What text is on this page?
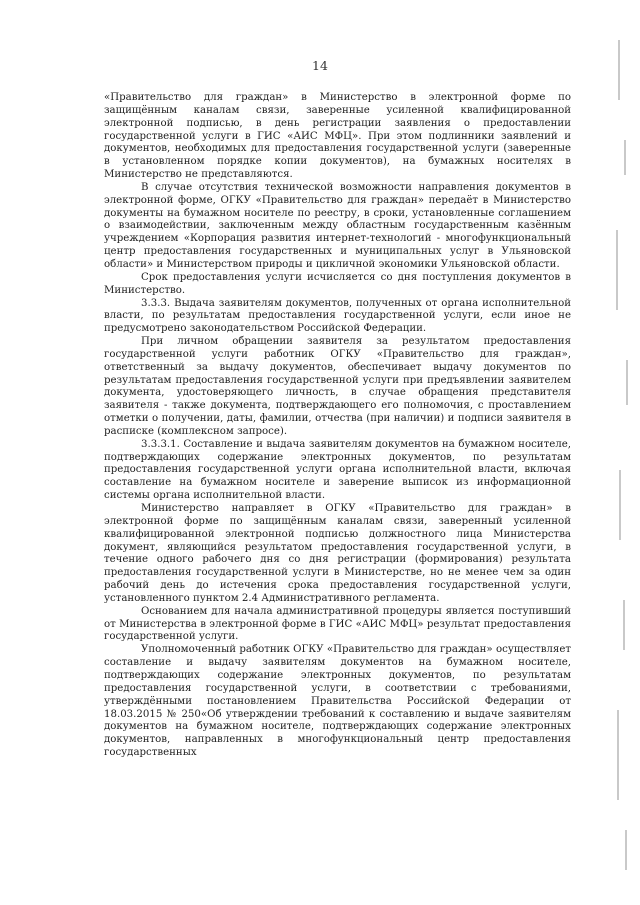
14

«Правительство для граждан» в Министерство в электронной форме по защищённым каналам связи, заверенные усиленной квалифицированной электронной подписью, в день регистрации заявления о предоставлении государственной услуги в ГИС «АИС МФЦ». При этом подлинники заявлений и документов, необходимых для предоставления государственной услуги (заверенные в установленном порядке копии документов), на бумажных носителях в Министерство не представляются.

В случае отсутствия технической возможности направления документов в электронной форме, ОГКУ «Правительство для граждан» передаёт в Министерство документы на бумажном носителе по реестру, в сроки, установленные соглашением о взаимодействии, заключенным между областным государственным казённым учреждением «Корпорация развития интернет-технологий - многофункциональный центр предоставления государственных и муниципальных услуг в Ульяновской области» и Министерством природы и цикличной экономики Ульяновской области.

Срок предоставления услуги исчисляется со дня поступления документов в Министерство.

3.3.3. Выдача заявителям документов, полученных от органа исполнительной власти, по результатам предоставления государственной услуги, если иное не предусмотрено законодательством Российской Федерации.

При личном обращении заявителя за результатом предоставления государственной услуги работник ОГКУ «Правительство для граждан», ответственный за выдачу документов, обеспечивает выдачу документов по результатам предоставления государственной услуги при предъявлении заявителем документа, удостоверяющего личность, в случае обращения представителя заявителя - также документа, подтверждающего его полномочия, с проставлением отметки о получении, даты, фамилии, отчества (при наличии) и подписи заявителя в расписке (комплексном запросе).

3.3.3.1. Составление и выдача заявителям документов на бумажном носителе, подтверждающих содержание электронных документов, по результатам предоставления государственной услуги органа исполнительной власти, включая составление на бумажном носителе и заверение выписок из информационной системы органа исполнительной власти.

Министерство направляет в ОГКУ «Правительство для граждан» в электронной форме по защищённым каналам связи, заверенный усиленной квалифицированной электронной подписью должностного лица Министерства документ, являющийся результатом предоставления государственной услуги, в течение одного рабочего дня со дня регистрации (формирования) результата предоставления государственной услуги в Министерстве, но не менее чем за один рабочий день до истечения срока предоставления государственной услуги, установленного пунктом 2.4 Административного регламента.

Основанием для начала административной процедуры является поступивший от Министерства в электронной форме в ГИС «АИС МФЦ» результат предоставления государственной услуги.

Уполномоченный работник ОГКУ «Правительство для граждан» осуществляет составление и выдачу заявителям документов на бумажном носителе, подтверждающих содержание электронных документов, по результатам предоставления государственной услуги, в соответствии с требованиями, утверждёнными постановлением Правительства Российской Федерации от 18.03.2015 № 250«Об утверждении требований к составлению и выдаче заявителям документов на бумажном носителе, подтверждающих содержание электронных документов, направленных в многофункциональный центр предоставления государственных
